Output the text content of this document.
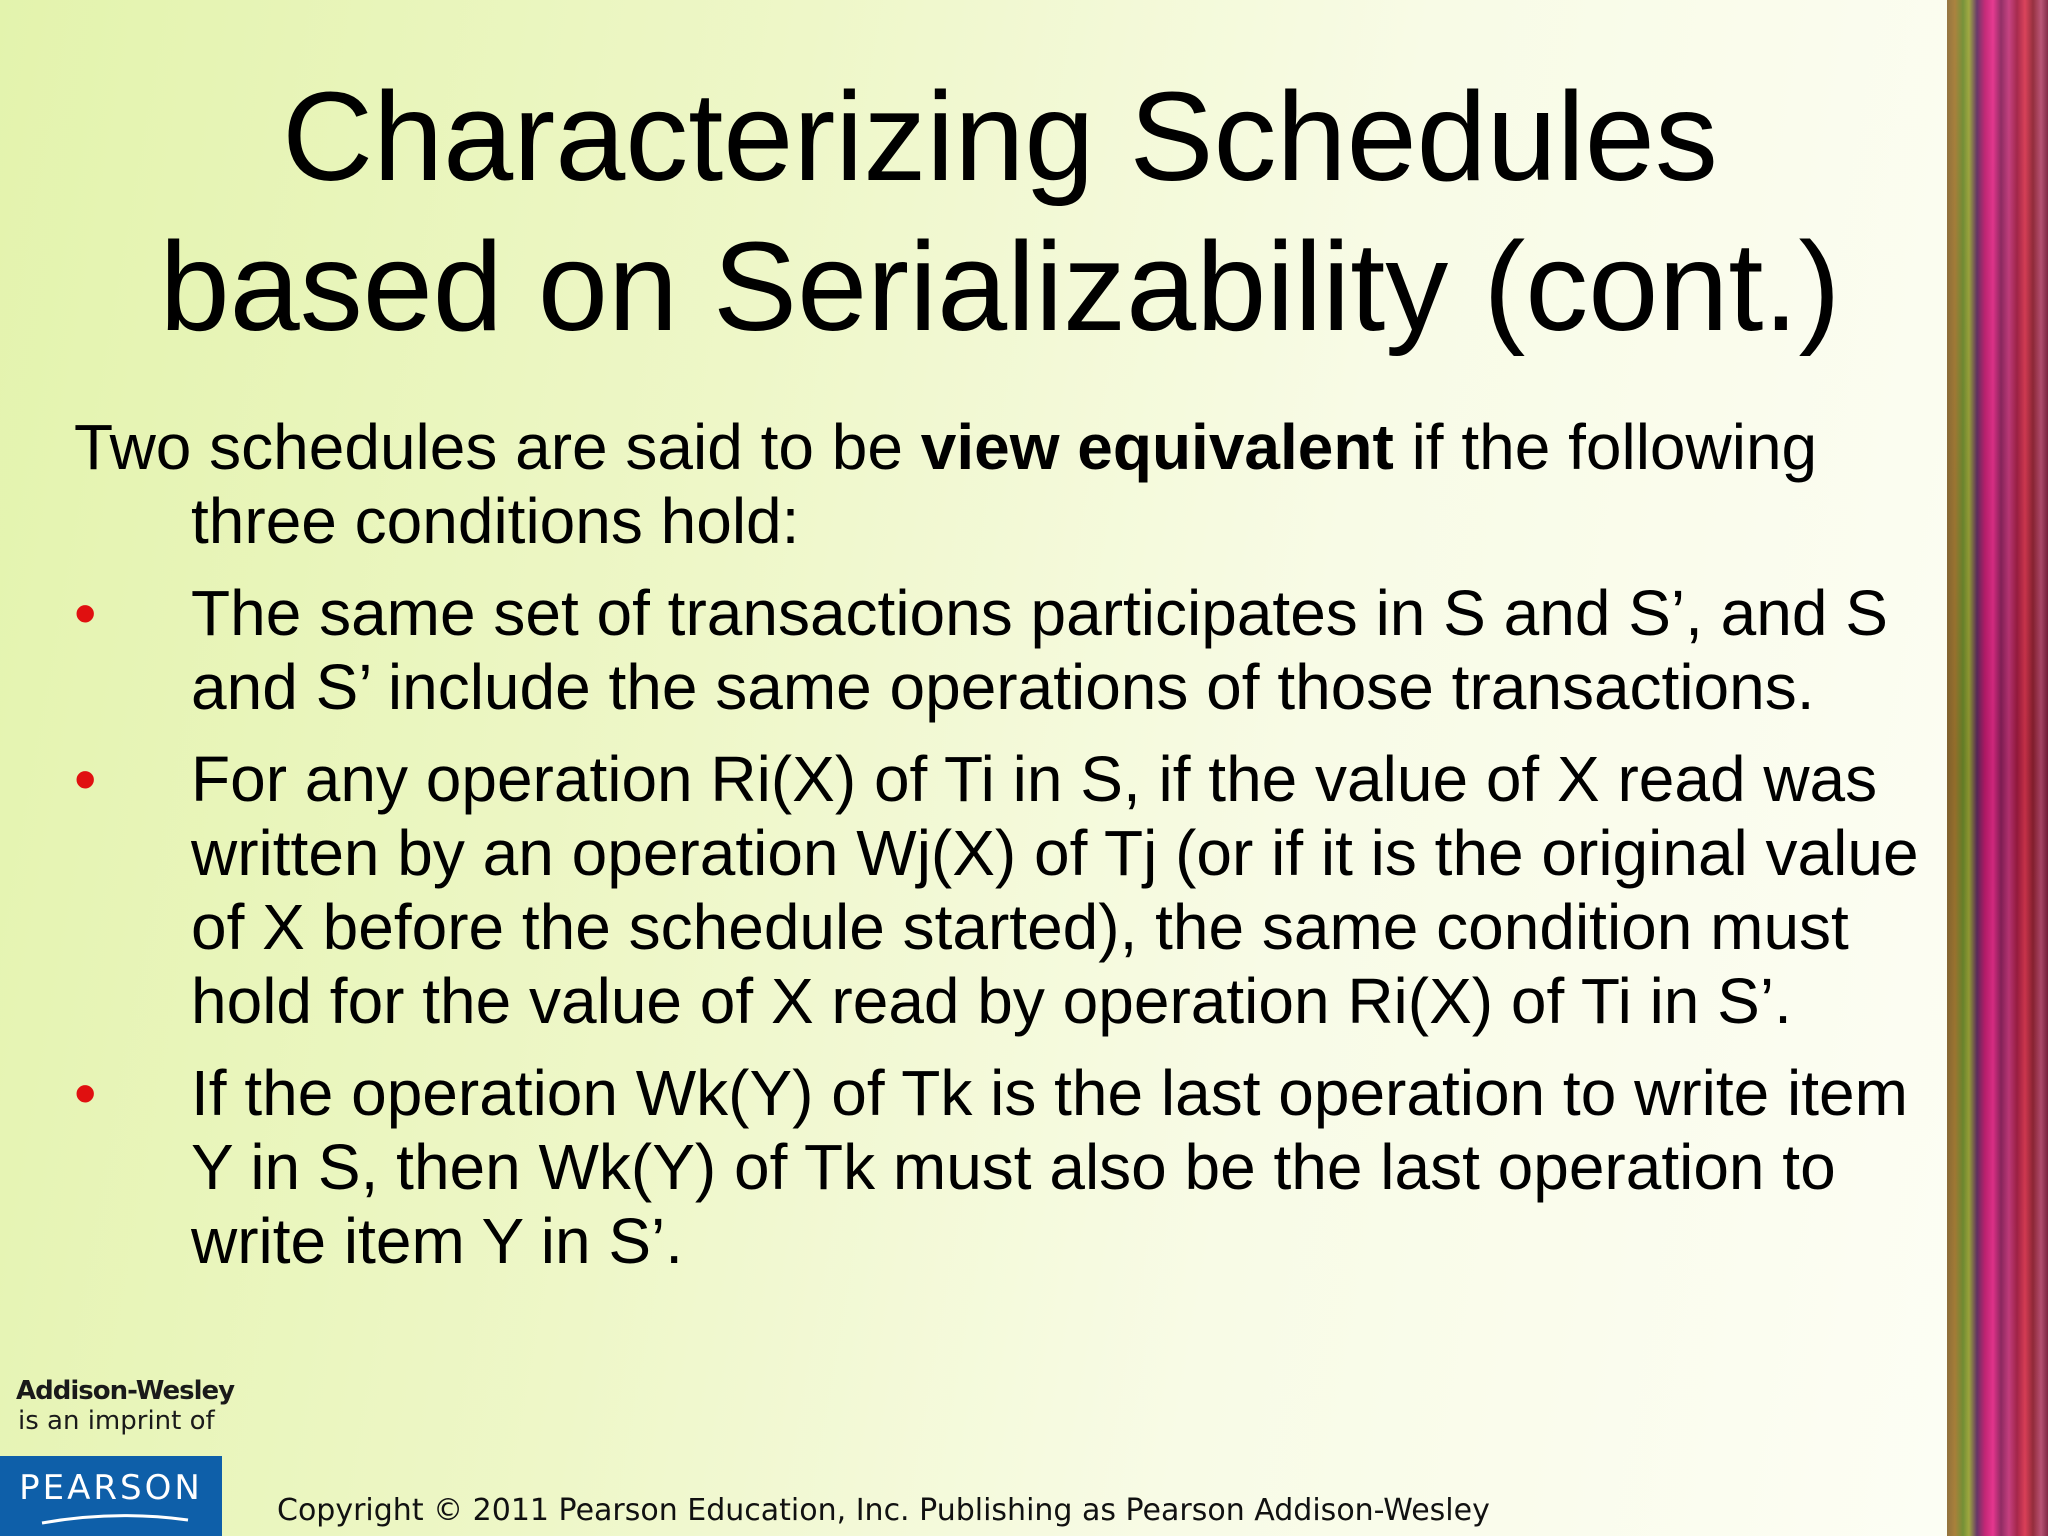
Characterizing Schedules
based on Serializability (cont.)

Two schedules are said to be view equivalent if the following three conditions hold:

• The same set of transactions participates in S and S’, and S and S’ include the same operations of those transactions.
• For any operation Ri(X) of Ti in S, if the value of X read was written by an operation Wj(X) of Tj (or if it is the original value of X before the schedule started), the same condition must hold for the value of X read by operation Ri(X) of Ti in S’.
• If the operation Wk(Y) of Tk is the last operation to write item Y in S, then Wk(Y) of Tk must also be the last operation to write item Y in S’.
Addison-Wesley
is an imprint of
PEARSON
Copyright © 2011 Pearson Education, Inc. Publishing as Pearson Addison-Wesley
